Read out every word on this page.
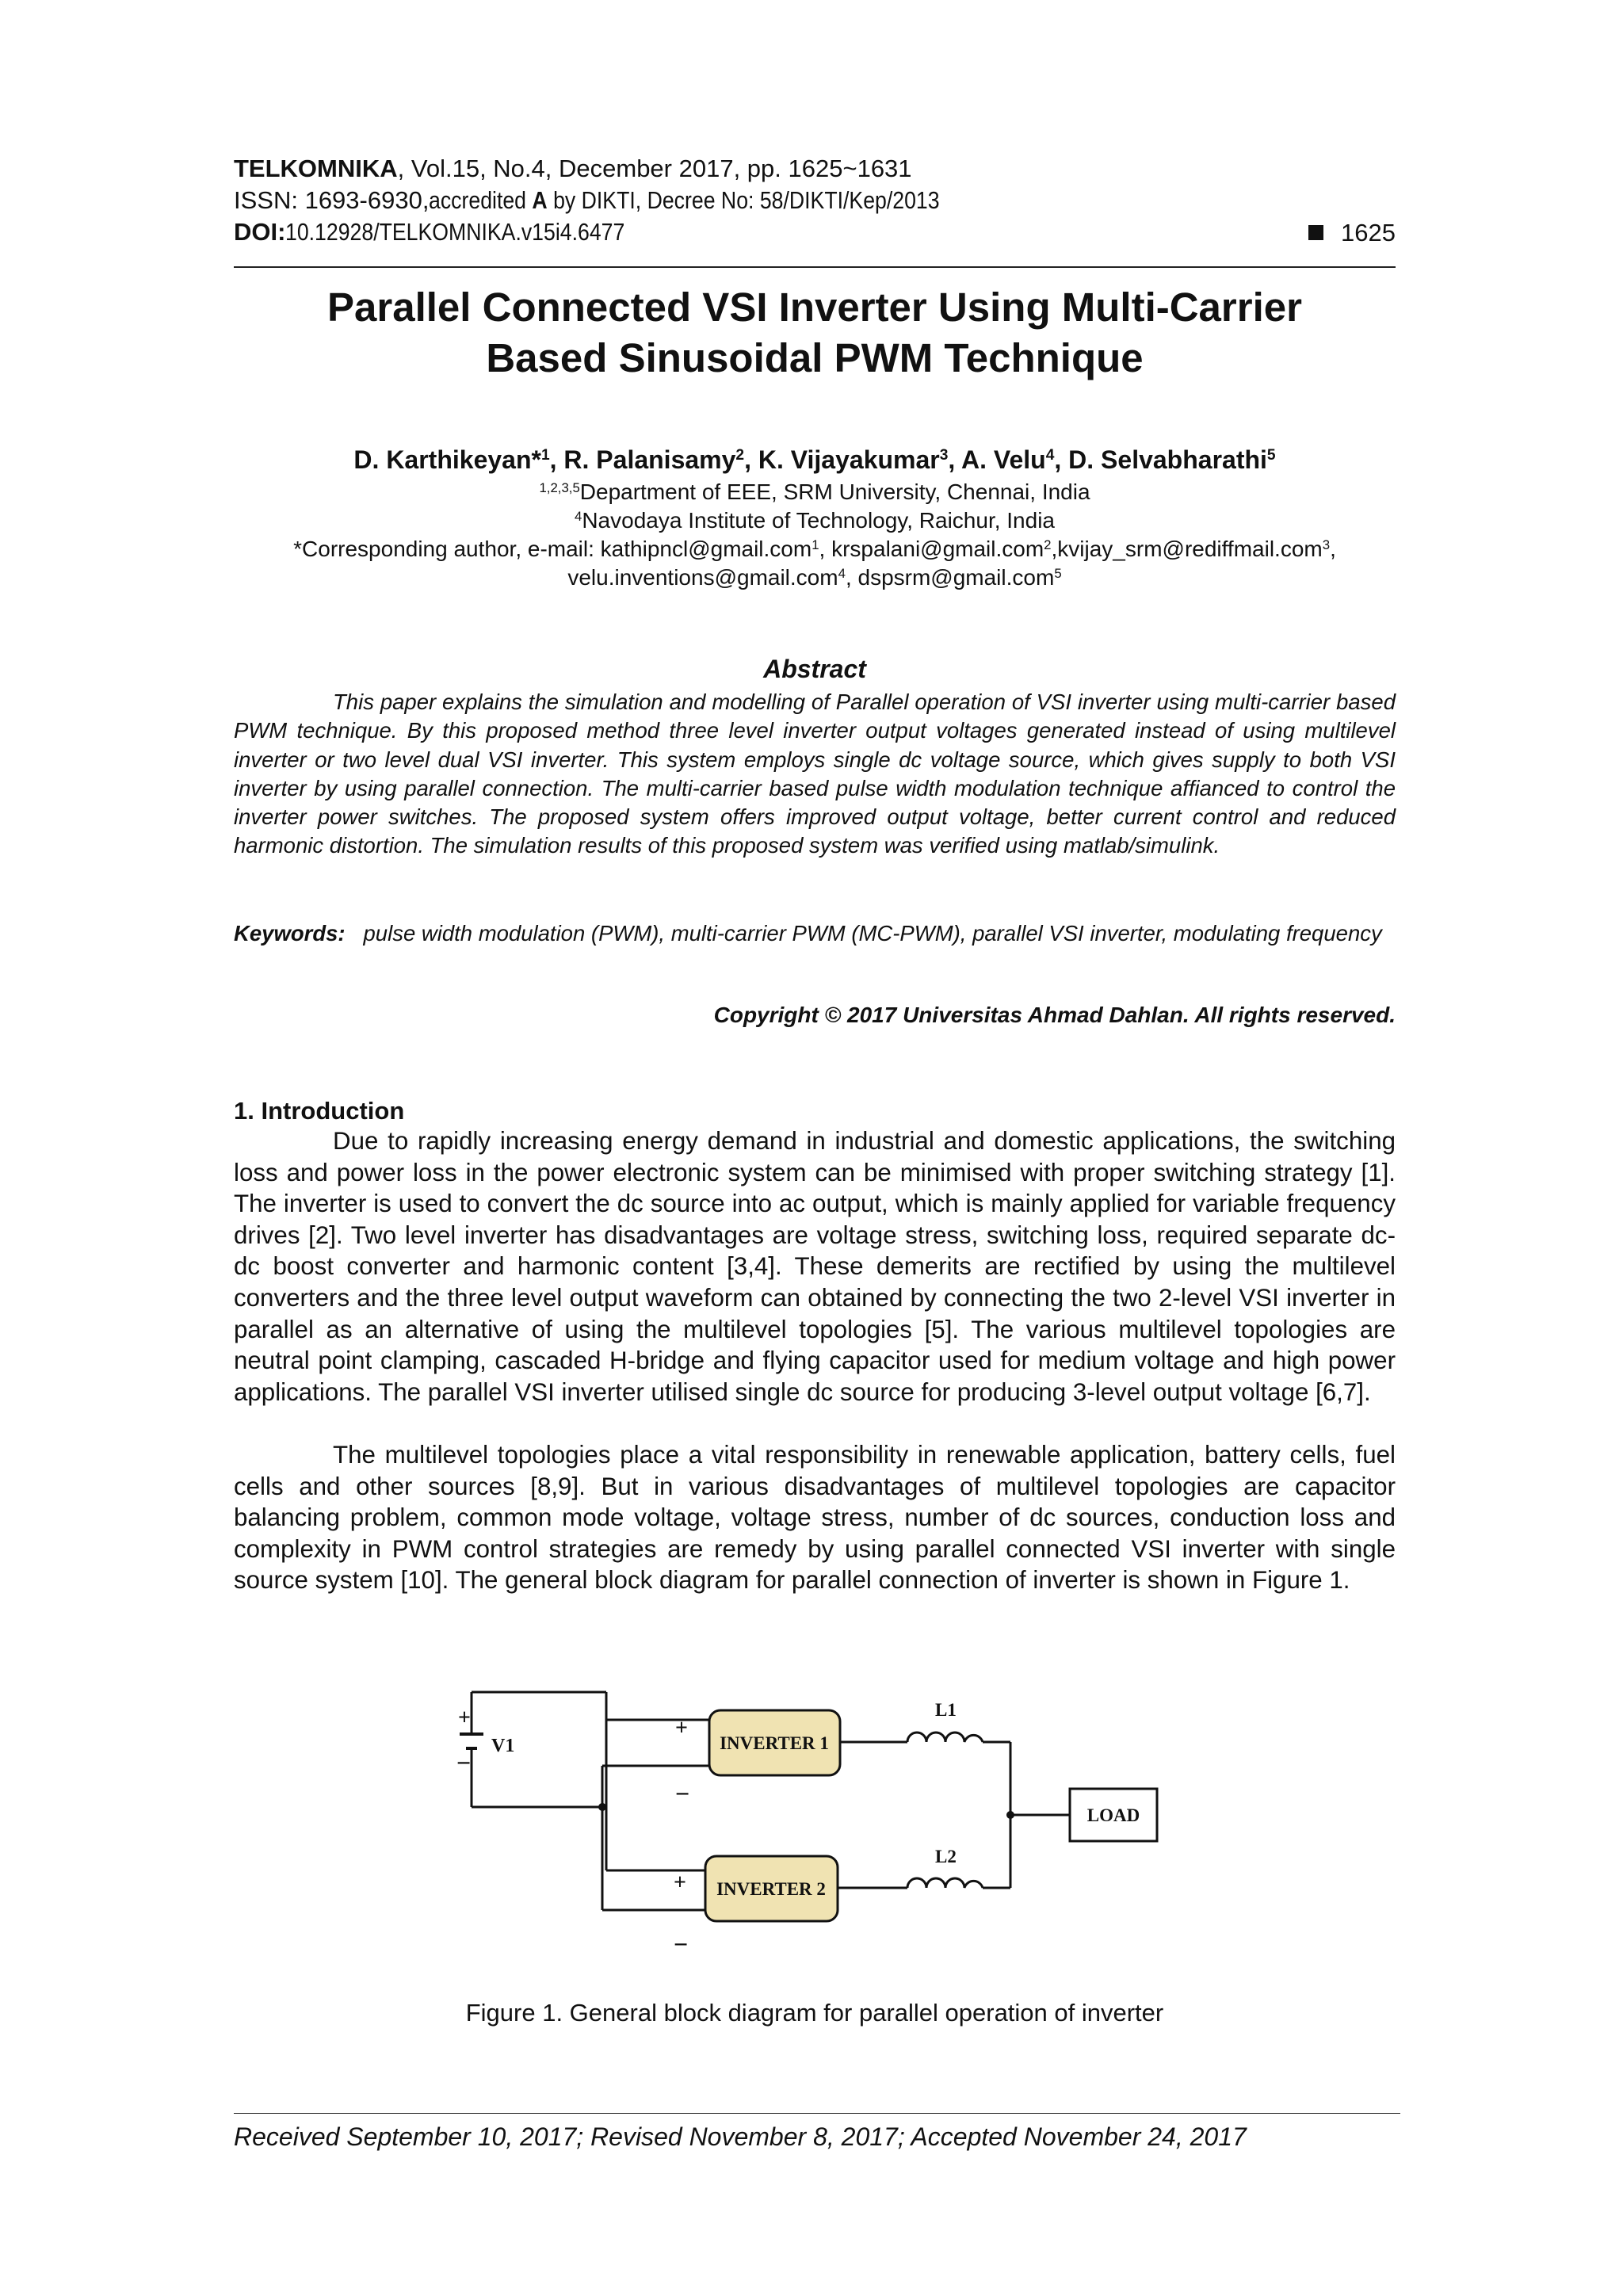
TELKOMNIKA, Vol.15, No.4, December 2017, pp. 1625~1631
ISSN: 1693-6930,accredited A by DIKTI, Decree No: 58/DIKTI/Kep/2013
DOI:10.12928/TELKOMNIKA.v15i4.6477	1625
Parallel Connected VSI Inverter Using Multi-Carrier
Based Sinusoidal PWM Technique
D. Karthikeyan*$^1$, R. Palanisamy$^2$, K. Vijayakumar$^3$, A. Velu$^4$, D. Selvabharathi$^5$
$^{1,2,3,5}$Department of EEE, SRM University, Chennai, India
$^4$Navodaya Institute of Technology, Raichur, India
*Corresponding author, e-mail: kathipncl@gmail.com$^1$, krspalani@gmail.com$^2$,kvijay_srm@rediffmail.com$^3$,
velu.inventions@gmail.com$^4$, dspsrm@gmail.com$^5$
Abstract
This paper explains the simulation and modelling of Parallel operation of VSI inverter using multi-carrier based PWM technique. By this proposed method three level inverter output voltages generated instead of using multilevel inverter or two level dual VSI inverter. This system employs single dc voltage source, which gives supply to both VSI inverter by using parallel connection. The multi-carrier based pulse width modulation technique affianced to control the inverter power switches. The proposed system offers improved output voltage, better current control and reduced harmonic distortion. The simulation results of this proposed system was verified using matlab/simulink.
Keywords: pulse width modulation (PWM), multi-carrier PWM (MC-PWM), parallel VSI inverter, modulating frequency
Copyright © 2017 Universitas Ahmad Dahlan. All rights reserved.
1. Introduction
Due to rapidly increasing energy demand in industrial and domestic applications, the switching loss and power loss in the power electronic system can be minimised with proper switching strategy [1]. The inverter is used to convert the dc source into ac output, which is mainly applied for variable frequency drives [2]. Two level inverter has disadvantages are voltage stress, switching loss, required separate dc-dc boost converter and harmonic content [3,4]. These demerits are rectified by using the multilevel converters and the three level output waveform can obtained by connecting the two 2-level VSI inverter in parallel as an alternative of using the multilevel topologies [5]. The various multilevel topologies are neutral point clamping, cascaded H-bridge and flying capacitor used for medium voltage and high power applications. The parallel VSI inverter utilised single dc source for producing 3-level output voltage [6,7].
The multilevel topologies place a vital responsibility in renewable application, battery cells, fuel cells and other sources [8,9]. But in various disadvantages of multilevel topologies are capacitor balancing problem, common mode voltage, voltage stress, number of dc sources, conduction loss and complexity in PWM control strategies are remedy by using parallel connected VSI inverter with single source system [10]. The general block diagram for parallel connection of inverter is shown in Figure 1.
+
−
V1	INVERTER 1
+
−
INVERTER 2
+
−
L1
L2
LOAD
Figure 1. General block diagram for parallel operation of inverter
Received September 10, 2017; Revised November 8, 2017; Accepted November 24, 2017
